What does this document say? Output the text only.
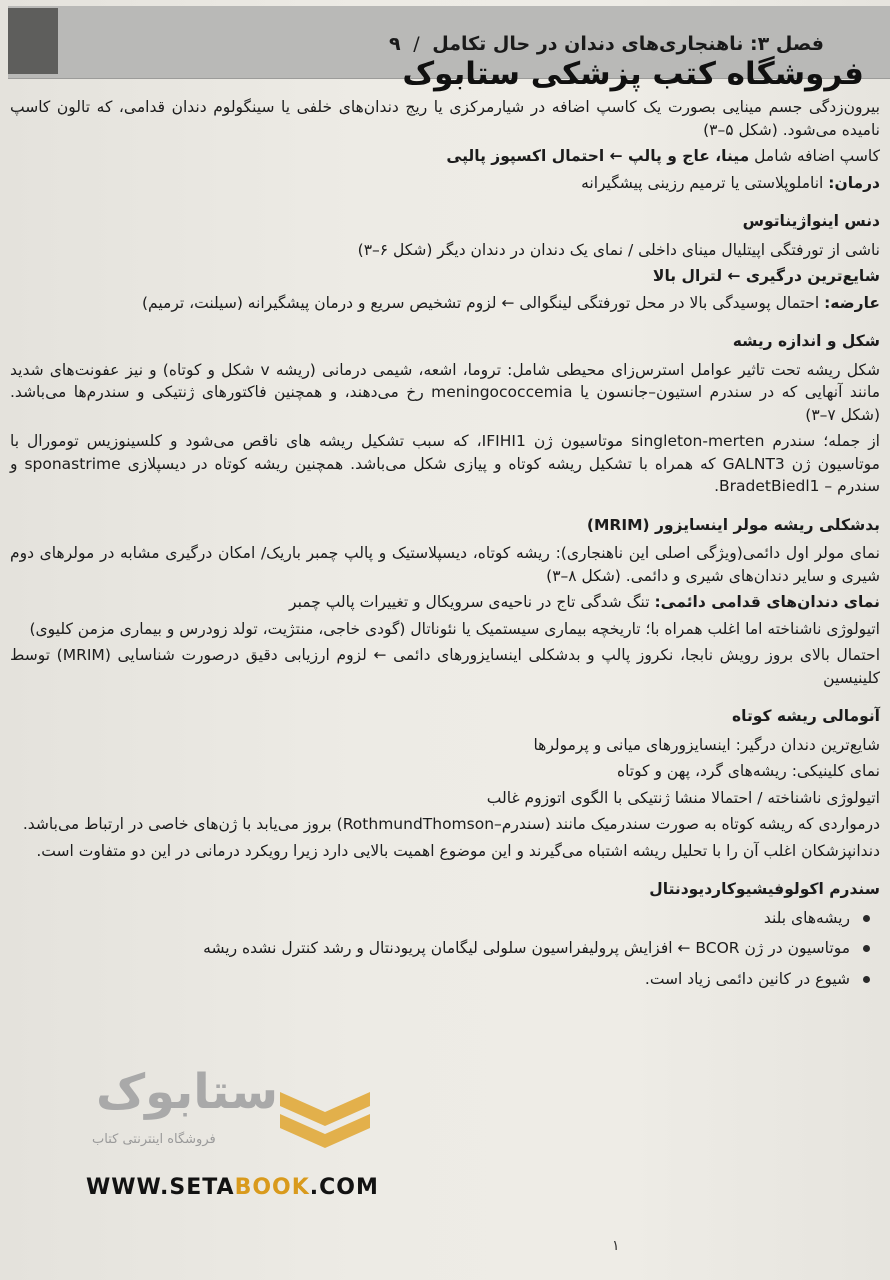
فصل ۳: ناهنجاری‌های دندان در حال تکامل / ۹
فروشگاه کتب پزشکی ستابوک

بیرون‌زدگی جسم مینایی بصورت یک کاسپ اضافه در شیارمرکزی یا ریج دندان‌های خلفی یا سینگولوم دندان قدامی، که تالون کاسپ نامیده می‌شود. (شکل ۵–۳)

کاسپ اضافه شامل مینا، عاج و پالپ ← احتمال اکسپوز پالپی

درمان: اناملوپلاستی یا ترمیم رزینی پیشگیرانه

دنس اینواژیناتوس

ناشی از تورفتگی اپیتلیال مینای داخلی / نمای یک دندان در دندان دیگر (شکل ۶–۳)

شایع‌ترین درگیری ← لترال بالا

عارضه: احتمال پوسیدگی بالا در محل تورفتگی لینگوالی ← لزوم تشخیص سریع و درمان پیشگیرانه (سیلنت، ترمیم)

شکل و اندازه ریشه

شکل ریشه تحت تاثیر عوامل استرس‌زای محیطی شامل: تروما، اشعه، شیمی درمانی (ریشه v شکل و کوتاه) و نیز عفونت‌های شدید مانند آنهایی که در سندرم استیون–جانسون یا meningococcemia رخ می‌دهند، و همچنین فاکتورهای ژنتیکی و سندرم‌ها می‌باشد. (شکل ۷–۳)

از جمله؛ سندرم singleton-merten موتاسیون ژن IFIHI1، که سبب تشکیل ریشه های ناقص می‌شود و کلسینوزیس تومورال با موتاسیون ژن GALNT3 که همراه با تشکیل ریشه کوتاه و پیازی شکل می‌باشد. همچنین ریشه کوتاه در دیسپلازی sponastrime و سندرم – BradetBiedl1.

بدشکلی ریشه مولر اینسایزور (MRIM)

نمای مولر اول دائمی(ویژگی اصلی این ناهنجاری): ریشه کوتاه، دیسپلاستیک و پالپ چمبر باریک/ امکان درگیری مشابه در مولرهای دوم شیری و سایر دندان‌های شیری و دائمی. (شکل ۸–۳)

نمای دندان‌های قدامی دائمی: تنگ شدگی تاج در ناحیه‌ی سرویکال و تغییرات پالپ چمبر

اتیولوژی ناشناخته اما اغلب همراه با؛ تاریخچه بیماری سیستمیک یا نئوناتال (گودی خاجی، منتژیت، تولد زودرس و بیماری مزمن کلیوی)

احتمال بالای بروز رویش نابجا، نکروز پالپ و بدشکلی اینسایزورهای دائمی ← لزوم ارزیابی دقیق درصورت شناسایی (MRIM) توسط کلینیسین

آنومالی ریشه کوتاه

شایع‌ترین دندان درگیر: اینسایزورهای میانی و پرمولرها

نمای کلینیکی: ریشه‌های گرد، پهن و کوتاه

اتیولوژی ناشناخته / احتمالا منشا ژنتیکی با الگوی اتوزوم غالب

درمواردی که ریشه کوتاه به صورت سندرمیک مانند (سندرم–RothmundThomson) بروز می‌یابد با ژن‌های خاصی در ارتباط می‌باشد.

دندانپزشکان اغلب آن را با تحلیل ریشه اشتباه می‌گیرند و این موضوع اهمیت بالایی دارد زیرا رویکرد درمانی در این دو متفاوت است.

سندرم اکولوفیشیوکاردیودنتال

ریشه‌های بلند
موتاسیون در ژن BCOR ← افزایش پرولیفراسیون سلولی لیگامان پریودنتال و رشد کنترل نشده ریشه
شیوع در کانین دائمی زیاد است.
ستابوک
فروشگاه اینترنتی کتاب
WWW.SETABOOK.COM
۱
